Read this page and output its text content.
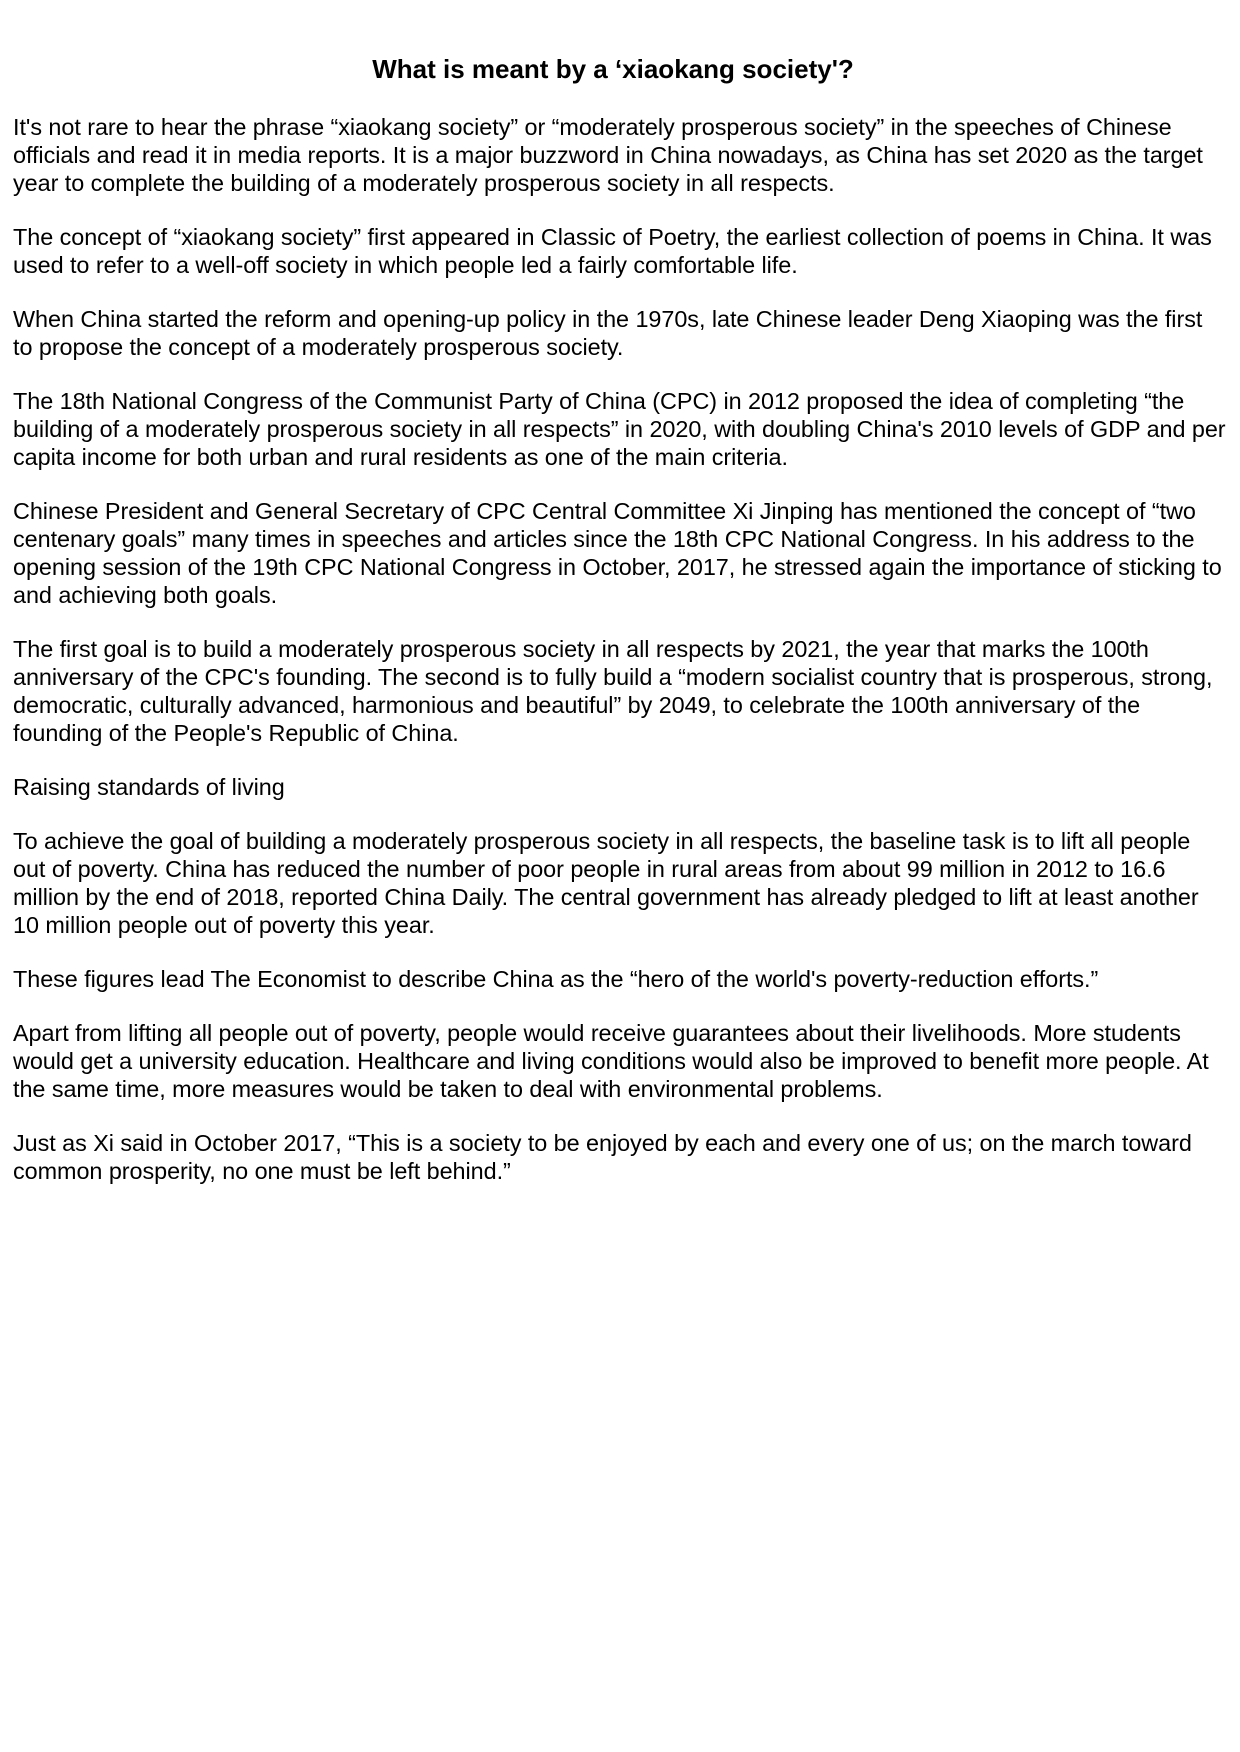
What is meant by a ‘xiaokang society'?

It's not rare to hear the phrase “xiaokang society” or “moderately prosperous society” in the speeches of Chinese officials and read it in media reports. It is a major buzzword in China nowadays, as China has set 2020 as the target year to complete the building of a moderately prosperous society in all respects.

The concept of “xiaokang society” first appeared in Classic of Poetry, the earliest collection of poems in China. It was used to refer to a well-off society in which people led a fairly comfortable life.

When China started the reform and opening-up policy in the 1970s, late Chinese leader Deng Xiaoping was the first to propose the concept of a moderately prosperous society.

The 18th National Congress of the Communist Party of China (CPC) in 2012 proposed the idea of completing “the building of a moderately prosperous society in all respects” in 2020, with doubling China's 2010 levels of GDP and per capita income for both urban and rural residents as one of the main criteria.

Chinese President and General Secretary of CPC Central Committee Xi Jinping has mentioned the concept of “two centenary goals” many times in speeches and articles since the 18th CPC National Congress. In his address to the opening session of the 19th CPC National Congress in October, 2017, he stressed again the importance of sticking to and achieving both goals.

The first goal is to build a moderately prosperous society in all respects by 2021, the year that marks the 100th anniversary of the CPC's founding. The second is to fully build a “modern socialist country that is prosperous, strong, democratic, culturally advanced, harmonious and beautiful” by 2049, to celebrate the 100th anniversary of the founding of the People's Republic of China.

Raising standards of living

To achieve the goal of building a moderately prosperous society in all respects, the baseline task is to lift all people out of poverty. China has reduced the number of poor people in rural areas from about 99 million in 2012 to 16.6 million by the end of 2018, reported China Daily. The central government has already pledged to lift at least another 10 million people out of poverty this year.

These figures lead The Economist to describe China as the “hero of the world's poverty-reduction efforts.”

Apart from lifting all people out of poverty, people would receive guarantees about their livelihoods. More students would get a university education. Healthcare and living conditions would also be improved to benefit more people. At the same time, more measures would be taken to deal with environmental problems.

Just as Xi said in October 2017, “This is a society to be enjoyed by each and every one of us; on the march toward common prosperity, no one must be left behind.”
